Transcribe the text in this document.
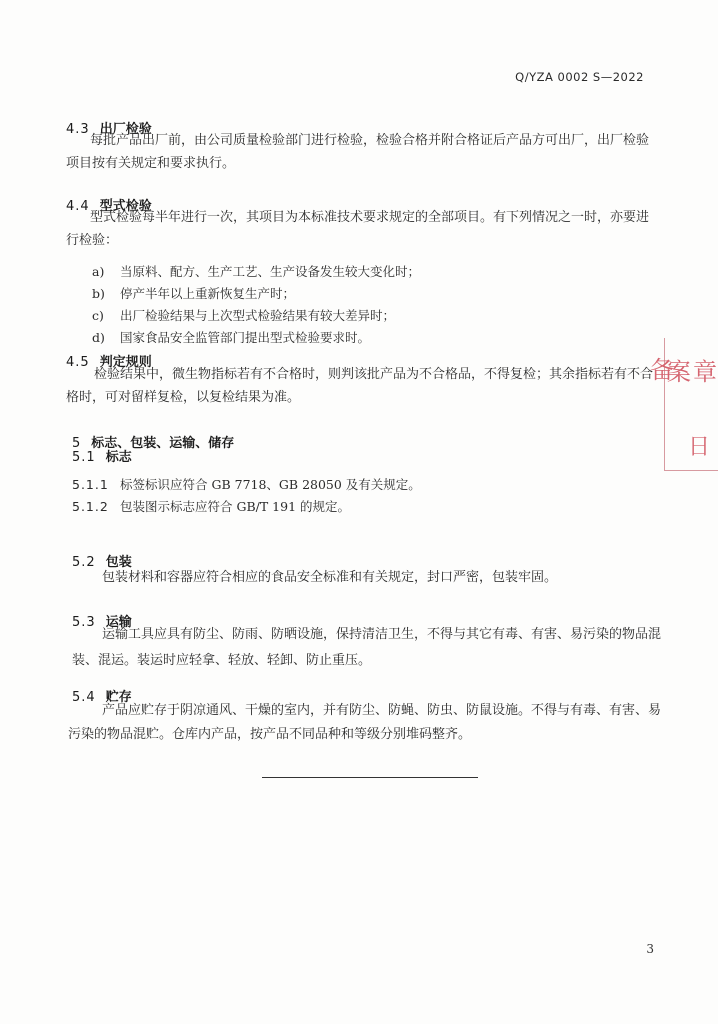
Q/YZA 0002 S—2022
4.3 出厂检验
每批产品出厂前，由公司质量检验部门进行检验，检验合格并附合格证后产品方可出厂，出厂检验
项目按有关规定和要求执行。
4.4 型式检验
型式检验每半年进行一次，其项目为本标准技术要求规定的全部项目。有下列情况之一时，亦要进
行检验：
a) 当原料、配方、生产工艺、生产设备发生较大变化时；
b) 停产半年以上重新恢复生产时；
c) 出厂检验结果与上次型式检验结果有较大差异时；
d) 国家食品安全监管部门提出型式检验要求时。
4.5 判定规则
检验结果中，微生物指标若有不合格时，则判该批产品为不合格品，不得复检；其余指标若有不合
格时，可对留样复检，以复检结果为准。
5 标志、包装、运输、储存
5.1 标志
5.1.1 标签标识应符合 GB 7718、GB 28050 及有关规定。
5.1.2 包装图示标志应符合 GB/T 191 的规定。
5.2 包装
包装材料和容器应符合相应的食品安全标准和有关规定，封口严密，包装牢固。
5.3 运输
运输工具应具有防尘、防雨、防晒设施，保持清洁卫生，不得与其它有毒、有害、易污染的物品混
装、混运。装运时应轻拿、轻放、轻卸、防止重压。
5.4 贮存
产品应贮存于阴凉通风、干燥的室内，并有防尘、防蝇、防虫、防鼠设施。不得与有毒、有害、易
污染的物品混贮。仓库内产品，按产品不同品种和等级分别堆码整齐。
备
案 章
日
3
